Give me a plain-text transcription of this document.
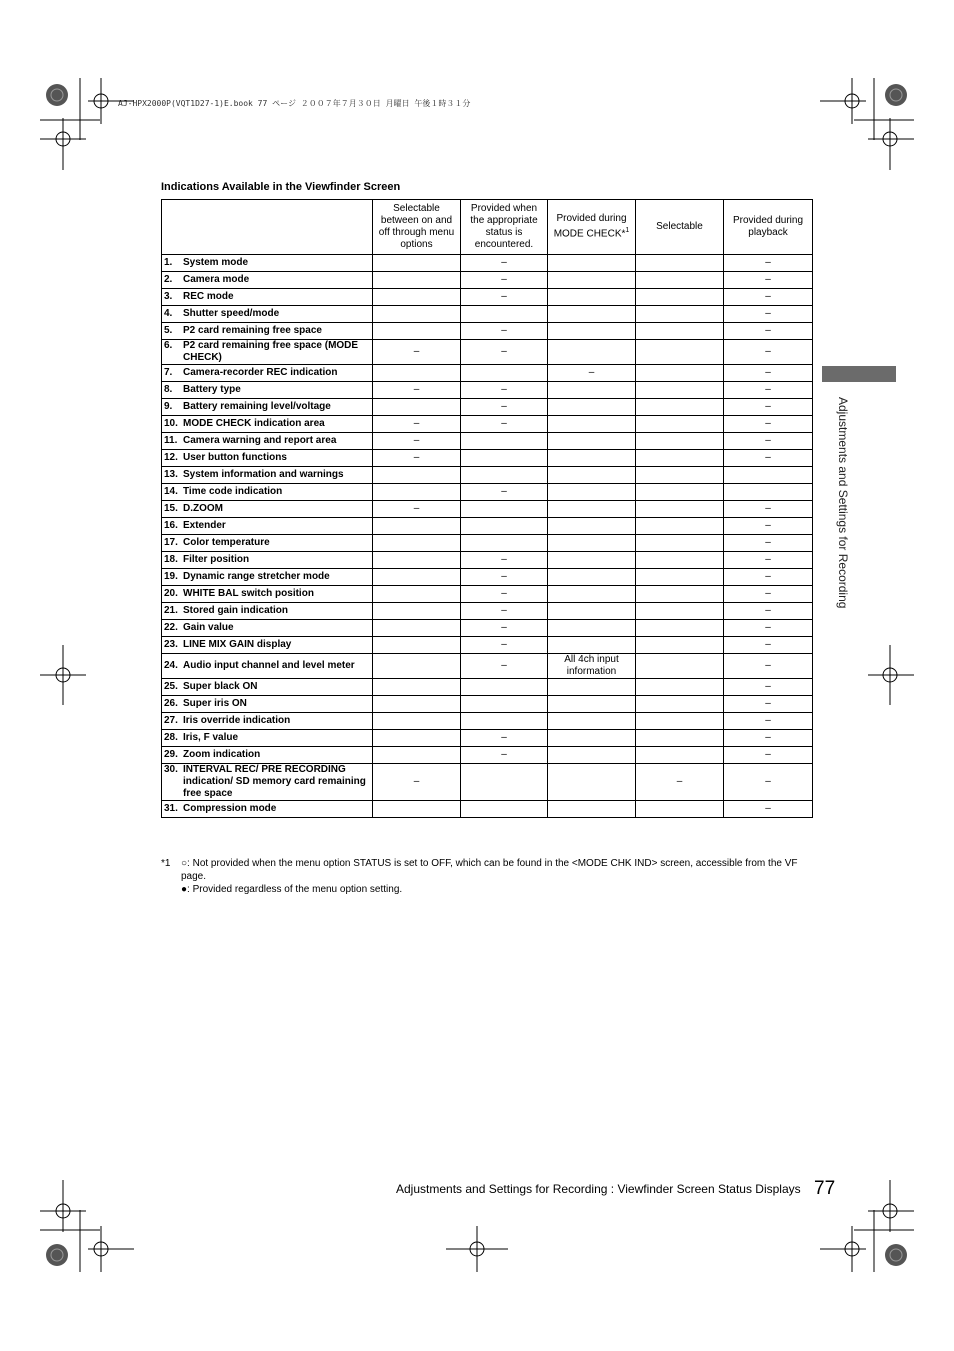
AJ-HPX2000P(VQT1D27-1)E.book 77 ページ ２００７年７月３０日 月曜日 午後１時３１分
Indications Available in the Viewfinder Screen
	Selectable between on and off through menu options	Provided when the appropriate status is encountered.	Provided during MODE CHECK*$^1$	Selectable	Provided during playback

1. System mode		–			–

2. Camera mode		–			–

3. REC mode		–			–

4. Shutter speed/mode					–

5. P2 card remaining free space		–			–

6. P2 card remaining free space (MODE CHECK)	–	–			–

7. Camera-recorder REC indication			–		–

8. Battery type	–	–			–

9. Battery remaining level/voltage		–			–

10. MODE CHECK indication area	–	–			–

11. Camera warning and report area	–				–

12. User button functions	–				–

13. System information and warnings					

14. Time code indication		–			

15. D.ZOOM	–				–

16. Extender					–

17. Color temperature					–

18. Filter position		–			–

19. Dynamic range stretcher mode		–			–

20. WHITE BAL switch position		–			–

21. Stored gain indication		–			–

22. Gain value		–			–

23. LINE MIX GAIN display		–			–

24. Audio input channel and level meter		–	All 4ch input information		–

25. Super black ON					–

26. Super iris ON					–

27. Iris override indication					–

28. Iris, F value		–			–

29. Zoom indication		–			–

30. INTERVAL REC/ PRE RECORDING indication/ SD memory card remaining free space	–			–	–

31. Compression mode					–
*1	○: Not provided when the menu option STATUS is set to OFF, which can be found in the <MODE CHK IND> screen, accessible from the VF page.
●: Provided regardless of the menu option setting.
Adjustments and Settings for Recording
Adjustments and Settings for Recording : Viewfinder Screen Status Displays 77
